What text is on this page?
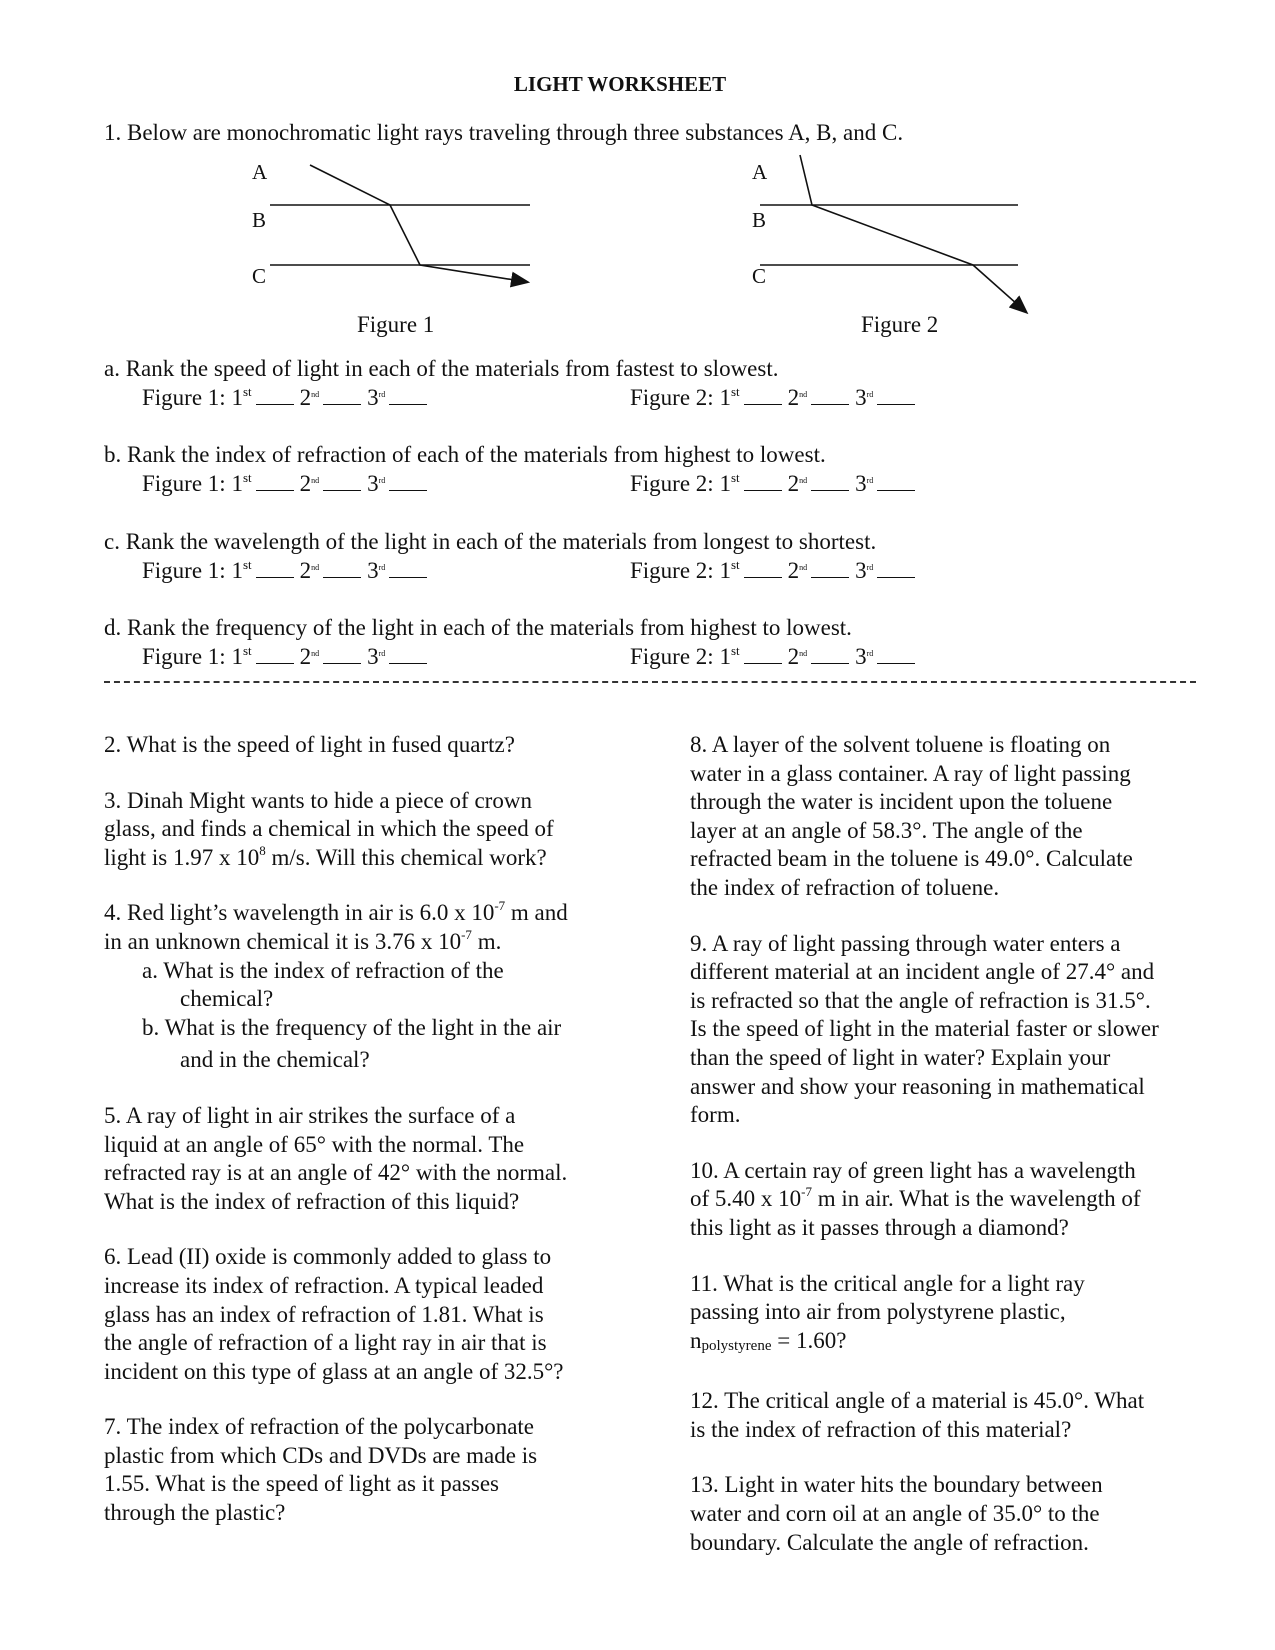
LIGHT WORKSHEET
1. Below are monochromatic light rays traveling through three substances A, B, and C.
A
B
C
Figure 1
A
B
C
Figure 2
a. Rank the speed of light in each of the materials from fastest to slowest.
Figure 1: 1st 2nd 3rd	Figure 2: 1st 2nd 3rd
b. Rank the index of refraction of each of the materials from highest to lowest.
Figure 1: 1st 2nd 3rd	Figure 2: 1st 2nd 3rd
c. Rank the wavelength of the light in each of the materials from longest to shortest.
Figure 1: 1st 2nd 3rd	Figure 2: 1st 2nd 3rd
d. Rank the frequency of the light in each of the materials from highest to lowest.
Figure 1: 1st 2nd 3rd	Figure 2: 1st 2nd 3rd
2. What is the speed of light in fused quartz?
3. Dinah Might wants to hide a piece of crown
glass, and finds a chemical in which the speed of
light is 1.97 x $10^8$ m/s. Will this chemical work?
4. Red light’s wavelength in air is 6.0 x $10^{-7}$ m and
in an unknown chemical it is 3.76 x $10^{-7}$ m.
a. What is the index of refraction of the
chemical?
b. What is the frequency of the light in the air
and in the chemical?
5. A ray of light in air strikes the surface of a
liquid at an angle of 65° with the normal. The
refracted ray is at an angle of 42° with the normal.
What is the index of refraction of this liquid?
6. Lead (II) oxide is commonly added to glass to
increase its index of refraction. A typical leaded
glass has an index of refraction of 1.81. What is
the angle of refraction of a light ray in air that is
incident on this type of glass at an angle of 32.5°?
7. The index of refraction of the polycarbonate
plastic from which CDs and DVDs are made is
1.55. What is the speed of light as it passes
through the plastic?
8. A layer of the solvent toluene is floating on
water in a glass container. A ray of light passing
through the water is incident upon the toluene
layer at an angle of 58.3°. The angle of the
refracted beam in the toluene is 49.0°. Calculate
the index of refraction of toluene.
9. A ray of light passing through water enters a
different material at an incident angle of 27.4° and
is refracted so that the angle of refraction is 31.5°.
Is the speed of light in the material faster or slower
than the speed of light in water? Explain your
answer and show your reasoning in mathematical
form.
10. A certain ray of green light has a wavelength
of 5.40 x $10^{-7}$ m in air. What is the wavelength of
this light as it passes through a diamond?
11. What is the critical angle for a light ray
passing into air from polystyrene plastic,
$n_{polystyrene} = 1.60$?
12. The critical angle of a material is 45.0°. What
is the index of refraction of this material?
13. Light in water hits the boundary between
water and corn oil at an angle of 35.0° to the
boundary. Calculate the angle of refraction.
